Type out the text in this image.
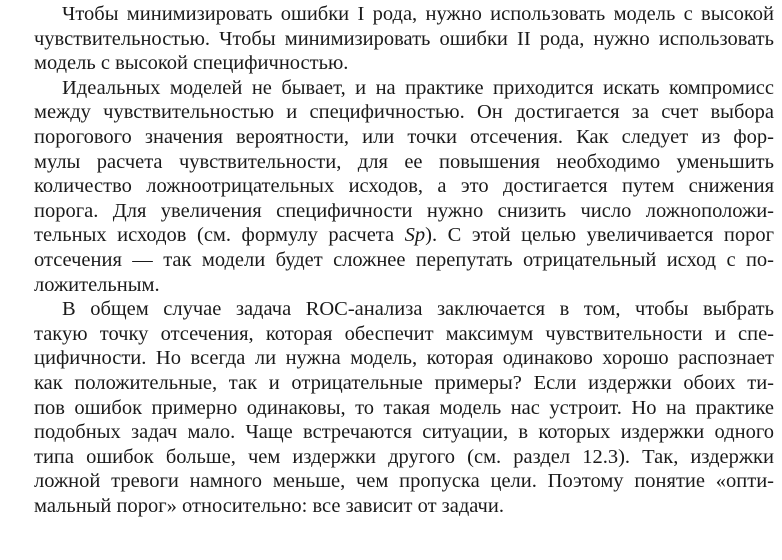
Чтобы минимизировать ошибки I рода, нужно использовать модель с высокой
чувствительностью. Чтобы минимизировать ошибки II рода, нужно использовать
модель с высокой специфичностью.
Идеальных моделей не бывает, и на практике приходится искать компромисс
между чувствительностью и специфичностью. Он достигается за счет выбора
порогового значения вероятности, или точки отсечения. Как следует из фор-
мулы расчета чувствительности, для ее повышения необходимо уменьшить
количество ложноотрицательных исходов, а это достигается путем снижения
порога. Для увеличения специфичности нужно снизить число ложноположи-
тельных исходов (см. формулу расчета Sp). С этой целью увеличивается порог
отсечения — так модели будет сложнее перепутать отрицательный исход с по-
ложительным.
В общем случае задача ROC-анализа заключается в том, чтобы выбрать
такую точку отсечения, которая обеспечит максимум чувствительности и спе-
цифичности. Но всегда ли нужна модель, которая одинаково хорошо распознает
как положительные, так и отрицательные примеры? Если издержки обоих ти-
пов ошибок примерно одинаковы, то такая модель нас устроит. Но на практике
подобных задач мало. Чаще встречаются ситуации, в которых издержки одного
типа ошибок больше, чем издержки другого (см. раздел 12.3). Так, издержки
ложной тревоги намного меньше, чем пропуска цели. Поэтому понятие «опти-
мальный порог» относительно: все зависит от задачи.
